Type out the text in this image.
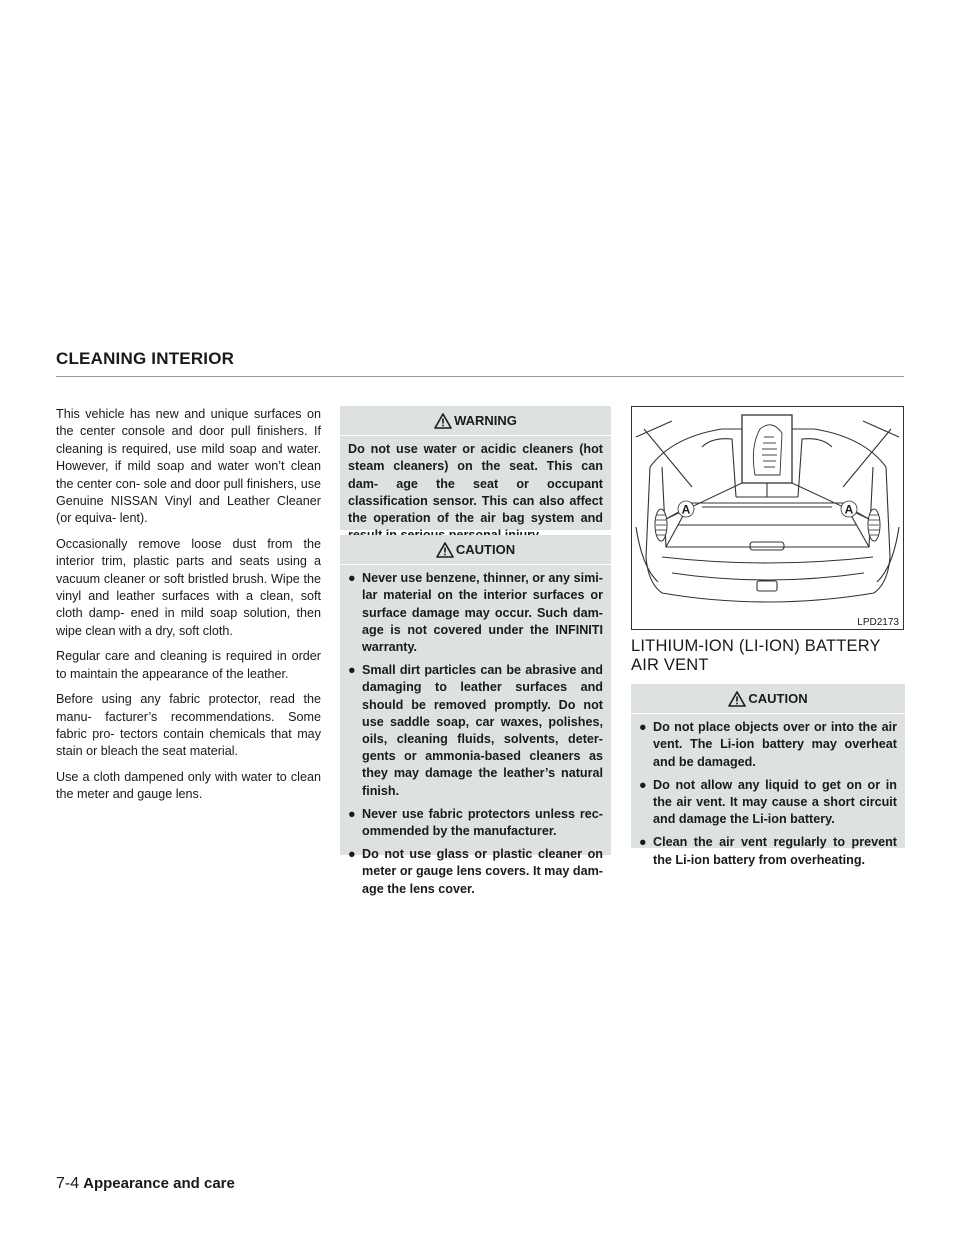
CLEANING INTERIOR

This vehicle has new and unique surfaces on the center console and door pull finishers. If cleaning is required, use mild soap and water. However, if mild soap and water won’t clean the center con- sole and door pull finishers, use Genuine NISSAN Vinyl and Leather Cleaner (or equiva- lent).

Occasionally remove loose dust from the interior trim, plastic parts and seats using a vacuum cleaner or soft bristled brush. Wipe the vinyl and leather surfaces with a clean, soft cloth damp- ened in mild soap solution, then wipe clean with a dry, soft cloth.

Regular care and cleaning is required in order to maintain the appearance of the leather.

Before using any fabric protector, read the manu- facturer’s recommendations. Some fabric pro- tectors contain chemicals that may stain or bleach the seat material.

Use a cloth dampened only with water to clean the meter and gauge lens.

WARNING
Do not use water or acidic cleaners (hot steam cleaners) on the seat. This can dam- age the seat or occupant classification sensor. This can also affect the operation of the air bag system and
CAUTION
● Never use benzene, thinner, or any simi- lar material on the interior surfaces or surface damage may occur. Such dam- age is not covered under the INFINITI warranty.
● Small dirt particles can be abrasive and damaging to leather surfaces and should be removed promptly. Do not use saddle soap, car waxes, polishes, oils, cleaning fluids, solvents, deter- gents or ammonia-based cleaners as they may damage the leather’s natural finish.
● Never use fabric protectors unless rec- ommended by the manufacturer.
● Do not use glass or plastic cleaner on meter or gauge lens covers. It may dam- age the lens cover.
A	A
LPD2173
LITHIUM-ION (LI-ION) BATTERY AIR VENT
CAUTION
● Do not place objects over or into the air vent. The Li-ion battery may overheat and be damaged.
● Do not allow any liquid to get on or in the air vent. It may cause a short circuit and damage the Li-ion battery.
● Clean the air vent regularly to prevent the Li-ion battery from overheating.
7-4 Appearance and care
